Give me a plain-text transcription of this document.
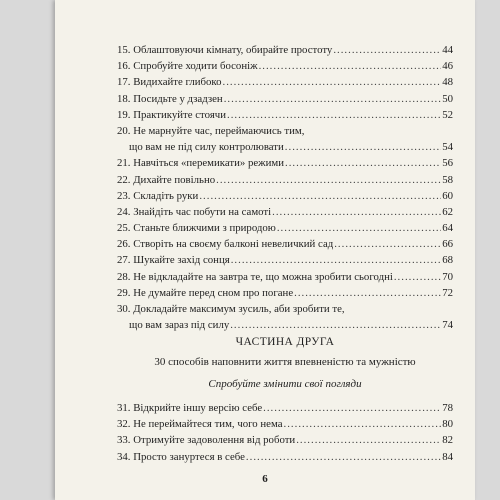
15. Облаштовуючи кімнату, обирайте простоту .....	44
16. Спробуйте ходити босоніж .....	46
17. Видихайте глибоко .....	48
18. Посидьте у дзадзен .....	50
19. Практикуйте стоячи .....	52
20. Не марнуйте час, переймаючись тим,
що вам не під силу контролювати .....	54
21. Навчіться «перемикати» режими .....	56
22. Дихайте повільно .....	58
23. Складіть руки .....	60
24. Знайдіть час побути на самоті .....	62
25. Станьте ближчими з природою .....	64
26. Створіть на своєму балконі невеличкий сад .....	66
27. Шукайте захід сонця .....	68
28. Не відкладайте на завтра те, що можна зробити сьогодні .....	70
29. Не думайте перед сном про погане .....	72
30. Докладайте максимум зусиль, аби зробити те,
що вам зараз під силу .....	74
ЧАСТИНА ДРУГА
30 способів наповнити життя впевненістю та мужністю
Спробуйте змінити свої погляди
31. Відкрийте іншу версію себе .....	78
32. Не переймайтеся тим, чого нема .....	80
33. Отримуйте задоволення від роботи .....	82
34. Просто зануртеся в себе .....	84
6
